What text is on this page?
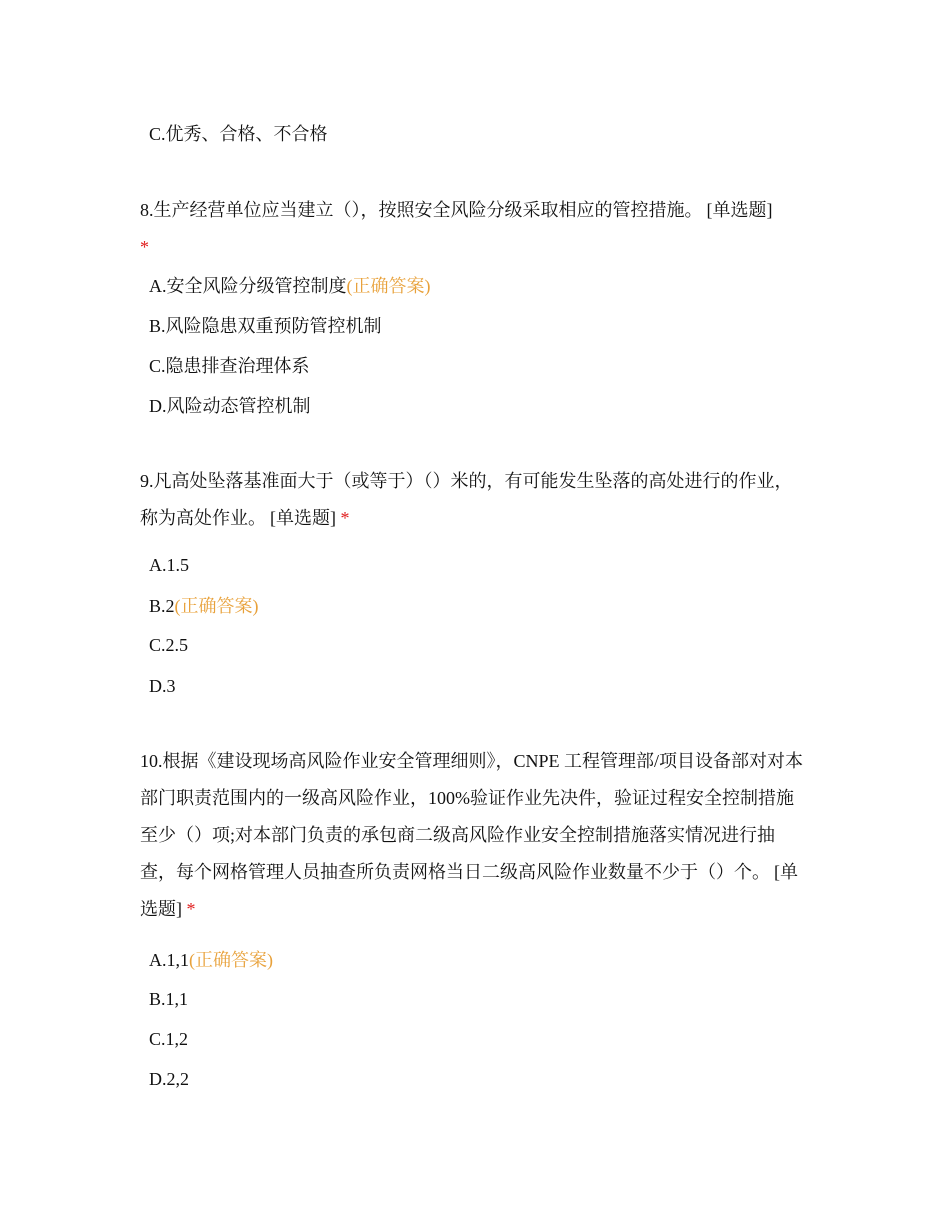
C.优秀、合格、不合格
8.生产经营单位应当建立（），按照安全风险分级采取相应的管控措施。 [单选题]
*
A.安全风险分级管控制度(正确答案)
B.风险隐患双重预防管控机制
C.隐患排查治理体系
D.风险动态管控机制
9.凡高处坠落基准面大于（或等于）（）米的，有可能发生坠落的高处进行的作业，称为高处作业。 [单选题] *
A.1.5
B.2(正确答案)
C.2.5
D.3
10.根据《建设现场高风险作业安全管理细则》，CNPE 工程管理部/项目设备部对对本部门职责范围内的一级高风险作业，100%验证作业先决件，验证过程安全控制措施至少（）项;对本部门负责的承包商二级高风险作业安全控制措施落实情况进行抽查，每个网格管理人员抽查所负责网格当日二级高风险作业数量不少于（）个。 [单选题] *
A.1,1(正确答案)
B.1,1
C.1,2
D.2,2
